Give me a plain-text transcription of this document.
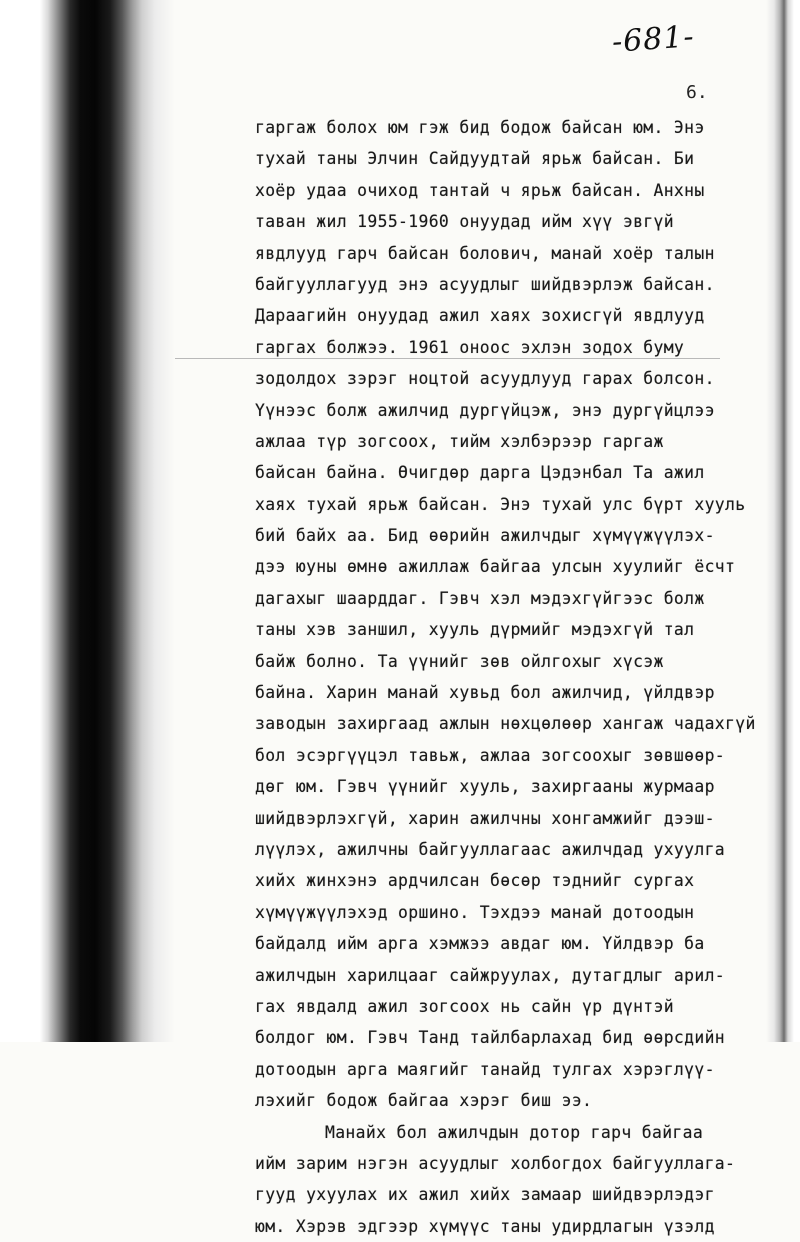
-681-
6.
гаргаж болоx юм гэж бид бодож байсан юм. Энэ
тухай таны Элчин Сайдуудтай ярьж байсан. Би
хоёр удаа очиход тантай ч ярьж байсан. Анхны
таван жил 1955-1960 онуудад ийм хүү эвгүй
явдлууд гарч байсан болович, манай хоёр талын
байгууллагууд энэ асуудлыг шийдвэрлэж байсан.
Дараагийн онуудад ажил хаях зохисгүй явдлууд
гаргах болжээ. 1961 оноос эхлэн зодох буму
зодолдох зэрэг ноцтой асуудлууд гарах болсон.
Үүнээс болж ажилчид дургүйцэж, энэ дургүйцлээ
ажлаа түр зогсоох, тийм хэлбэрээр гаргаж
байсан байна. Өчигдөр дарга Цэдэнбал Та ажил
хаях тухай ярьж байсан. Энэ тухай улс бүрт хууль
бий байх аа. Бид өөрийн ажилчдыг хүмүүжүүлэх-
дээ юуны өмнө ажиллаж байгаа улсын хуулийг ёсчт
дагахыг шаарддаг. Гэвч хэл мэдэхгүйгээс болж
таны хэв заншил, хууль дүрмийг мэдэхгүй тал
байж болно. Та үүнийг зөв ойлгохыг хүсэж
байна. Харин манай хувьд бол ажилчид, үйлдвэр
заводын захиргаад ажлын нөхцөлөөр хангаж чадахгүй
бол эсэргүүцэл тавьж, ажлаа зогсоохыг зөвшөөр-
дөг юм. Гэвч үүнийг хууль, захиргааны журмаар
шийдвэрлэхгүй, харин ажилчны хонгамжийг дээш-
лүүлэх, ажилчны байгууллагаас ажилчдад ухуулга
хийх жинхэнэ ардчилсан бөсөр тэднийг сургах
хүмүүжүүлэхэд оршино. Тэхдээ манай дотоодын
байдалд ийм арга хэмжээ авдаг юм. Үйлдвэр ба
ажилчдын харилцааг сайжруулах, дутагдлыг арил-
гах явдалд ажил зогсоох нь сайн үр дүнтэй
болдог юм. Гэвч Танд тайлбарлахад бид өөрсдийн
дотоодын арга маягийг танайд тулгах хэрэглүү-
лэхийг бодож байгаа хэрэг биш ээ.
Манайх бол ажилчдын дотор гарч байгаа
ийм зарим нэгэн асуудлыг холбогдоx байгууллага-
гууд ухуулах их ажил хийх замаар шийдвэрлэдэг
юм. Хэрэв эдгээр хүмүүс таны удирдлагын үзэлд
